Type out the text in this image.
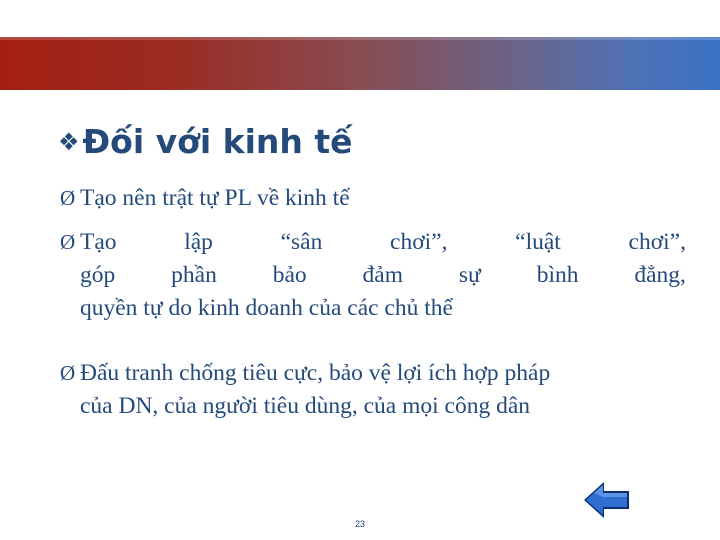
❖Đối với kinh tế
Ø Tạo nên trật tự PL về kinh tế
Ø Tạo	lập	“sân	chơi”,	“luật	chơi”,
góp phần bảo đảm sự bình đẳng,
quyền tự do kinh doanh của các chủ thể
Ø Đấu tranh chống tiêu cực, bảo vệ lợi ích hợp pháp
của DN, của người tiêu dùng, của mọi công dân
23
